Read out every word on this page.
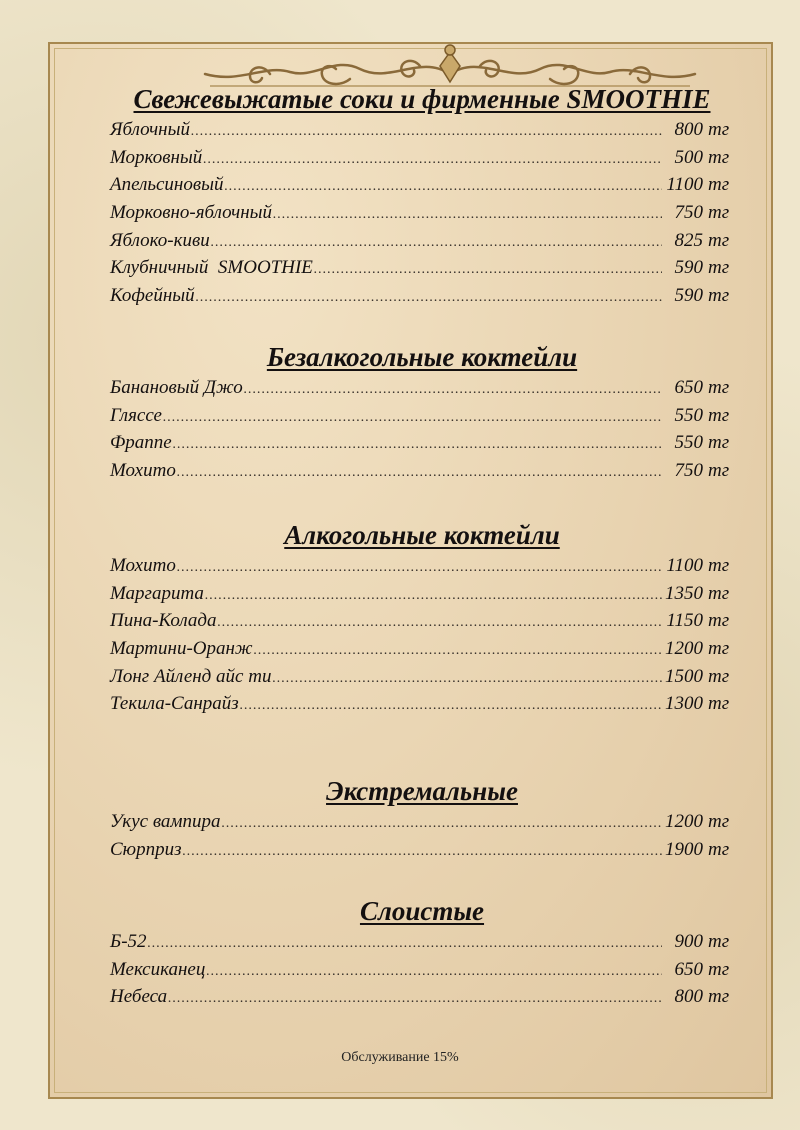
Свежевыжатые соки и фирменные SMOOTHIE
Яблочный .....	800 тг
Морковный .....	500 тг
Апельсиновый .....	1100 тг
Морковно-яблочный .....	750 тг
Яблоко-киви .....	825 тг
Клубничный  SMOOTHIE .....	590 тг
Кофейный .....	590 тг
Безалкогольные коктейли
Банановый Джо .....	650 тг
Гляссе .....	550 тг
Фраппе .....	550 тг
Мохито .....	750 тг
Алкогольные коктейли
Мохито .....	1100 тг
Маргарита .....	1350 тг
Пина-Колада .....	1150 тг
Мартини-Оранж .....	1200 тг
Лонг Айленд айс ти .....	1500 тг
Текила-Санрайз .....	1300 тг
Экстремальные
Укус вампира .....	1200 тг
Сюрприз .....	1900 тг
Слоистые
Б-52 .....	900 тг
Мексиканец .....	650 тг
Небеса .....	800 тг
Обслуживание 15%
